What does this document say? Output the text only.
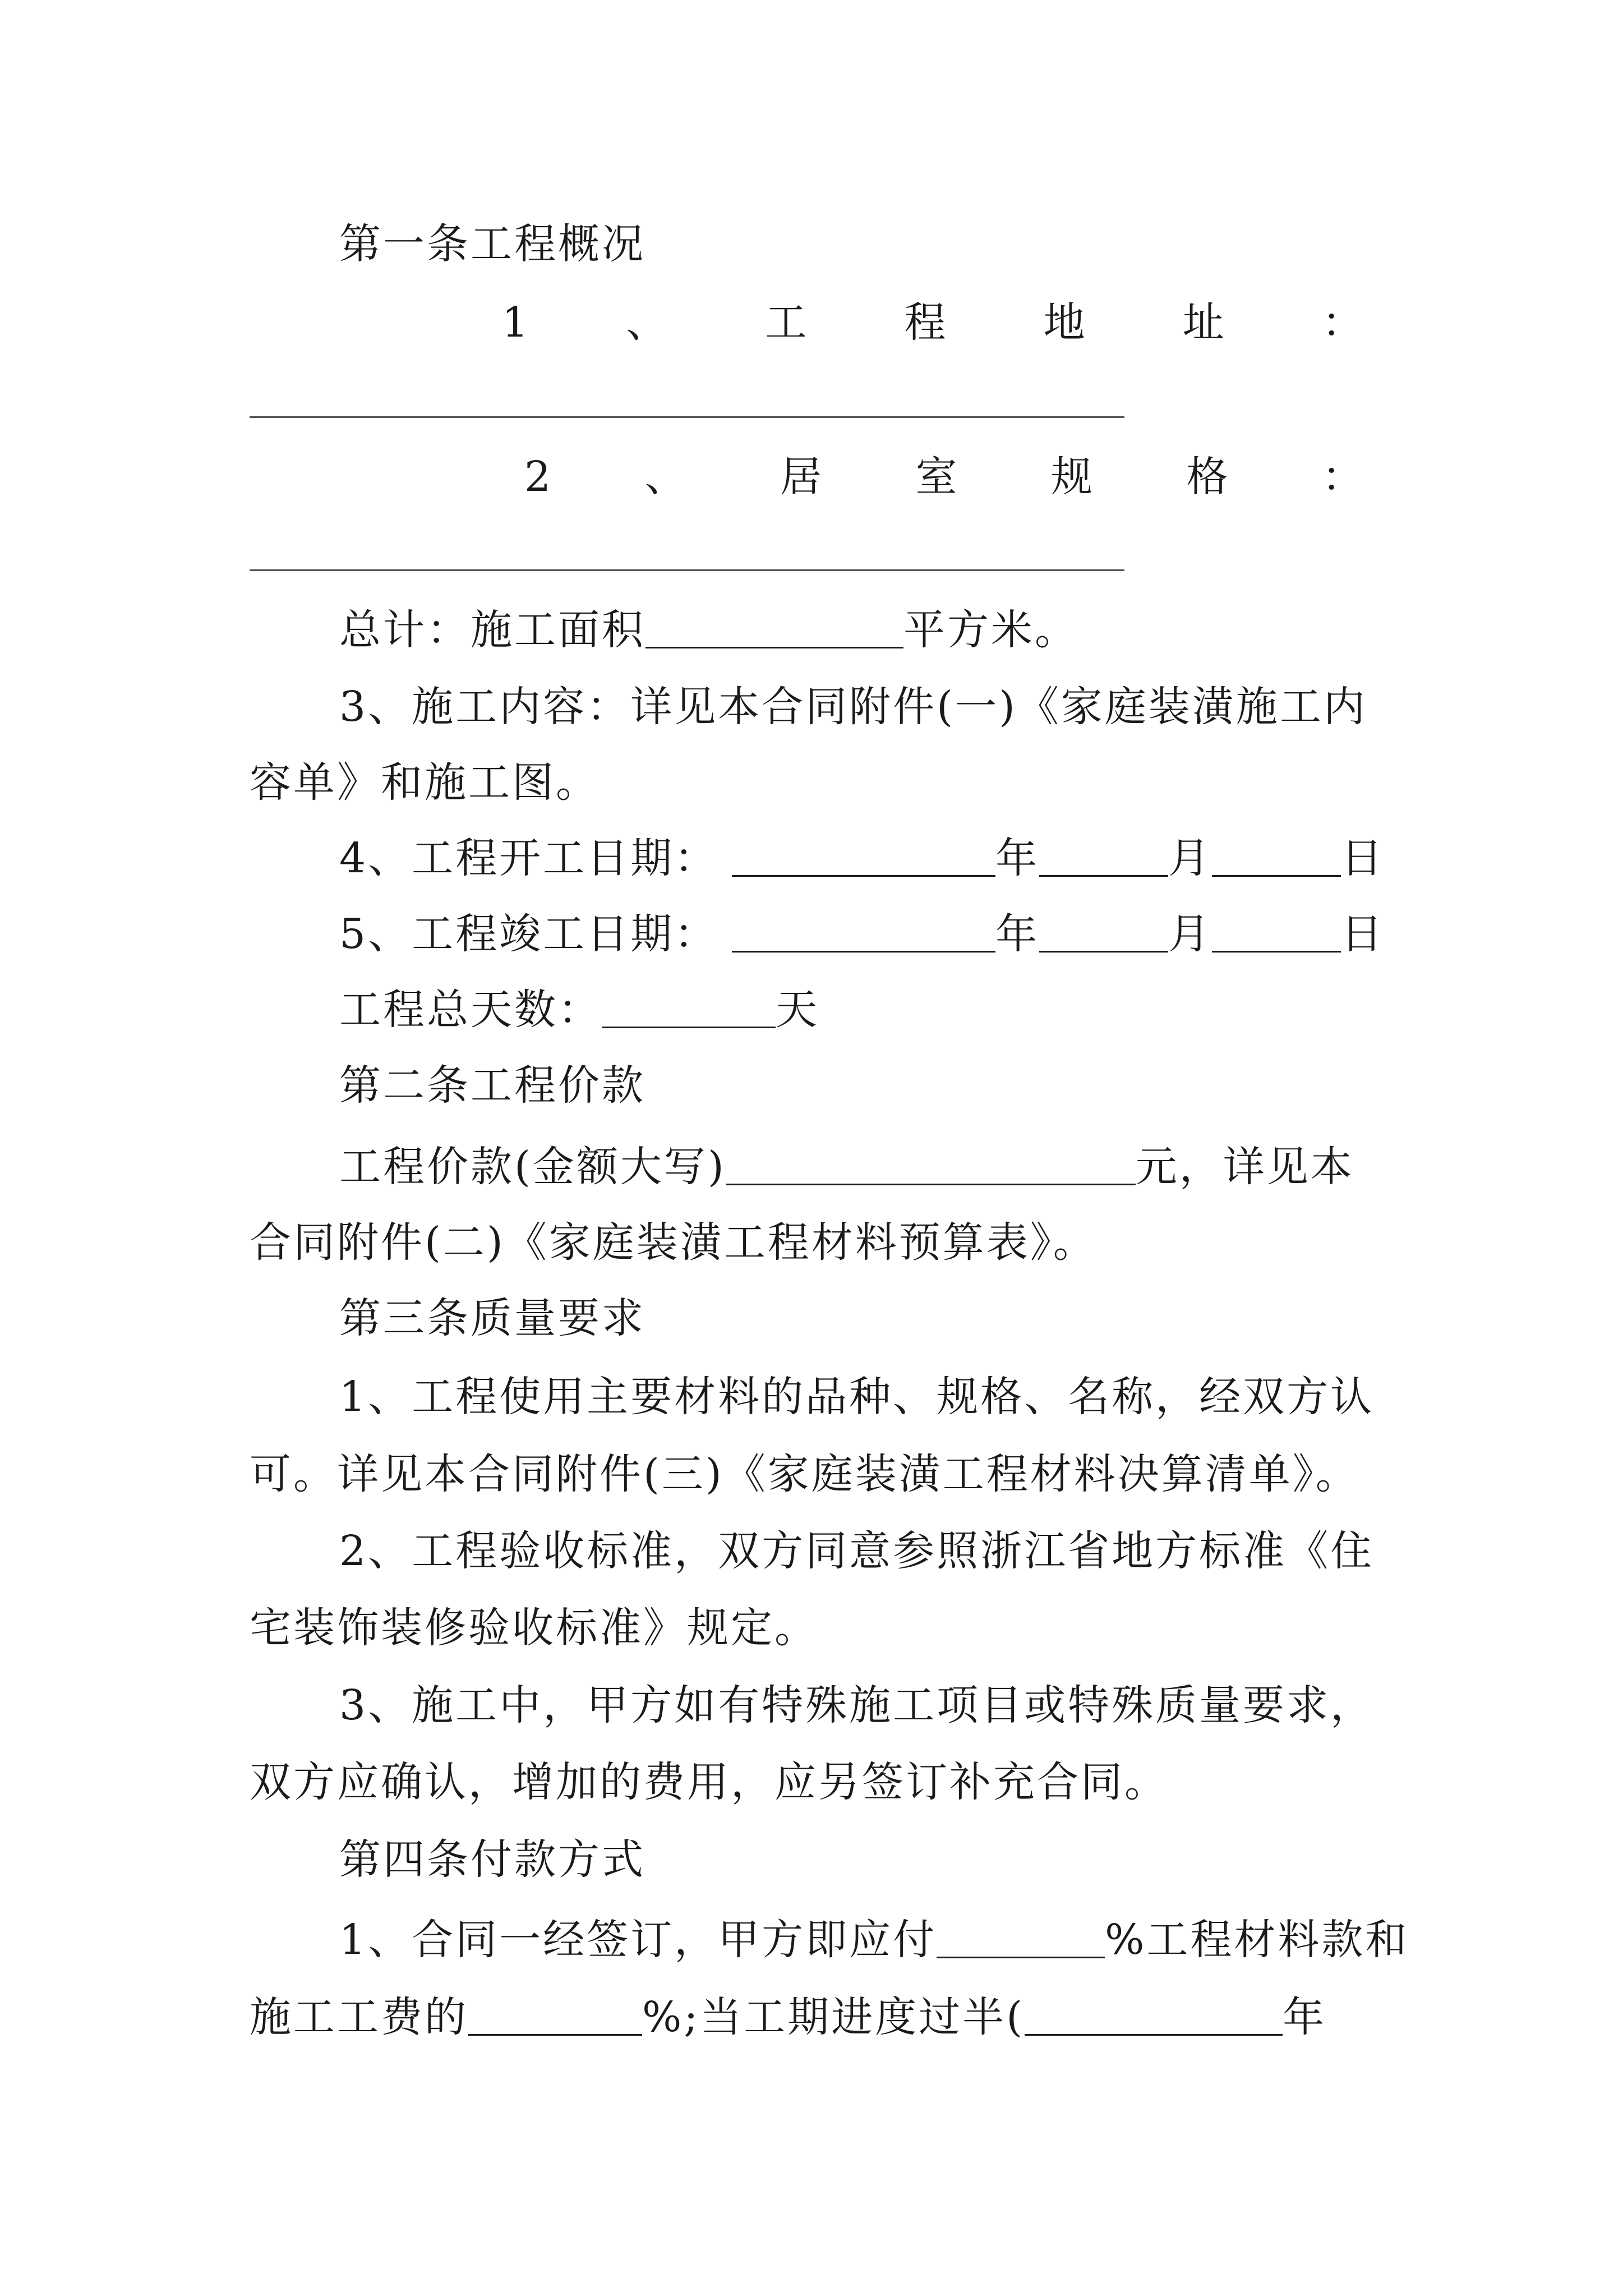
第一条工程概况
1 、 工 程 地 址 ：
2 、 居 室 规 格 ：
总计：施工面积	平方米。
3、施工内容：详见本合同附件(一)《家庭装潢施工内
容单》和施工图。
4、工程开工日期：	年	月	日
5、工程竣工日期：	年	月	日
工程总天数：	天
第二条工程价款
工程价款(金额大写)	元，详见本
合同附件(二)《家庭装潢工程材料预算表》。
第三条质量要求
1、工程使用主要材料的品种、规格、名称，经双方认
可。详见本合同附件(三)《家庭装潢工程材料决算清单》。
2、工程验收标准，双方同意参照浙江省地方标准《住
宅装饰装修验收标准》规定。
3、施工中，甲方如有特殊施工项目或特殊质量要求，
双方应确认，增加的费用，应另签订补充合同。
第四条付款方式
1、合同一经签订，甲方即应付	%工程材料款和
施工工费的	%;当工期进度过半(	年
